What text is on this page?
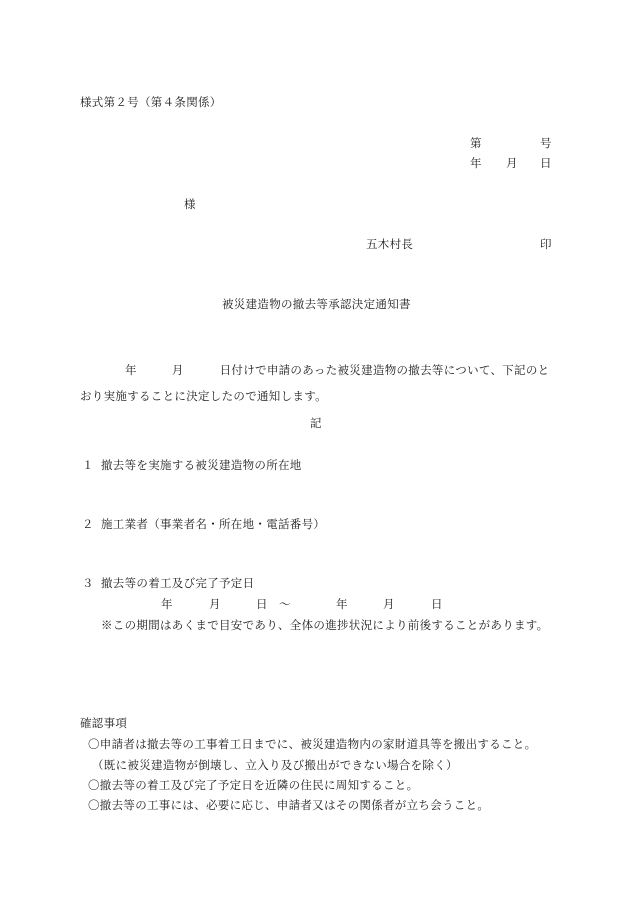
様式第２号（第４条関係）
第	号
年 月 日
様
五木村長	印
被災建造物の撤去等承認決定通知書
年	月	日付けで申請のあった被災建造物の撤去等について、下記のと
おり実施することに決定したので通知します。
記
１ 撤去等を実施する被災建造物の所在地
２ 施工業者（事業者名・所在地・電話番号）
３ 撤去等の着工及び完了予定日
年	月	日 ～	年	月	日
※この期間はあくまで目安であり、全体の進捗状況により前後することがあります。
確認事項
〇申請者は撤去等の工事着工日までに、被災建造物内の家財道具等を搬出すること。
（既に被災建造物が倒壊し、立入り及び搬出ができない場合を除く）
〇撤去等の着工及び完了予定日を近隣の住民に周知すること。
〇撤去等の工事には、必要に応じ、申請者又はその関係者が立ち会うこと。
